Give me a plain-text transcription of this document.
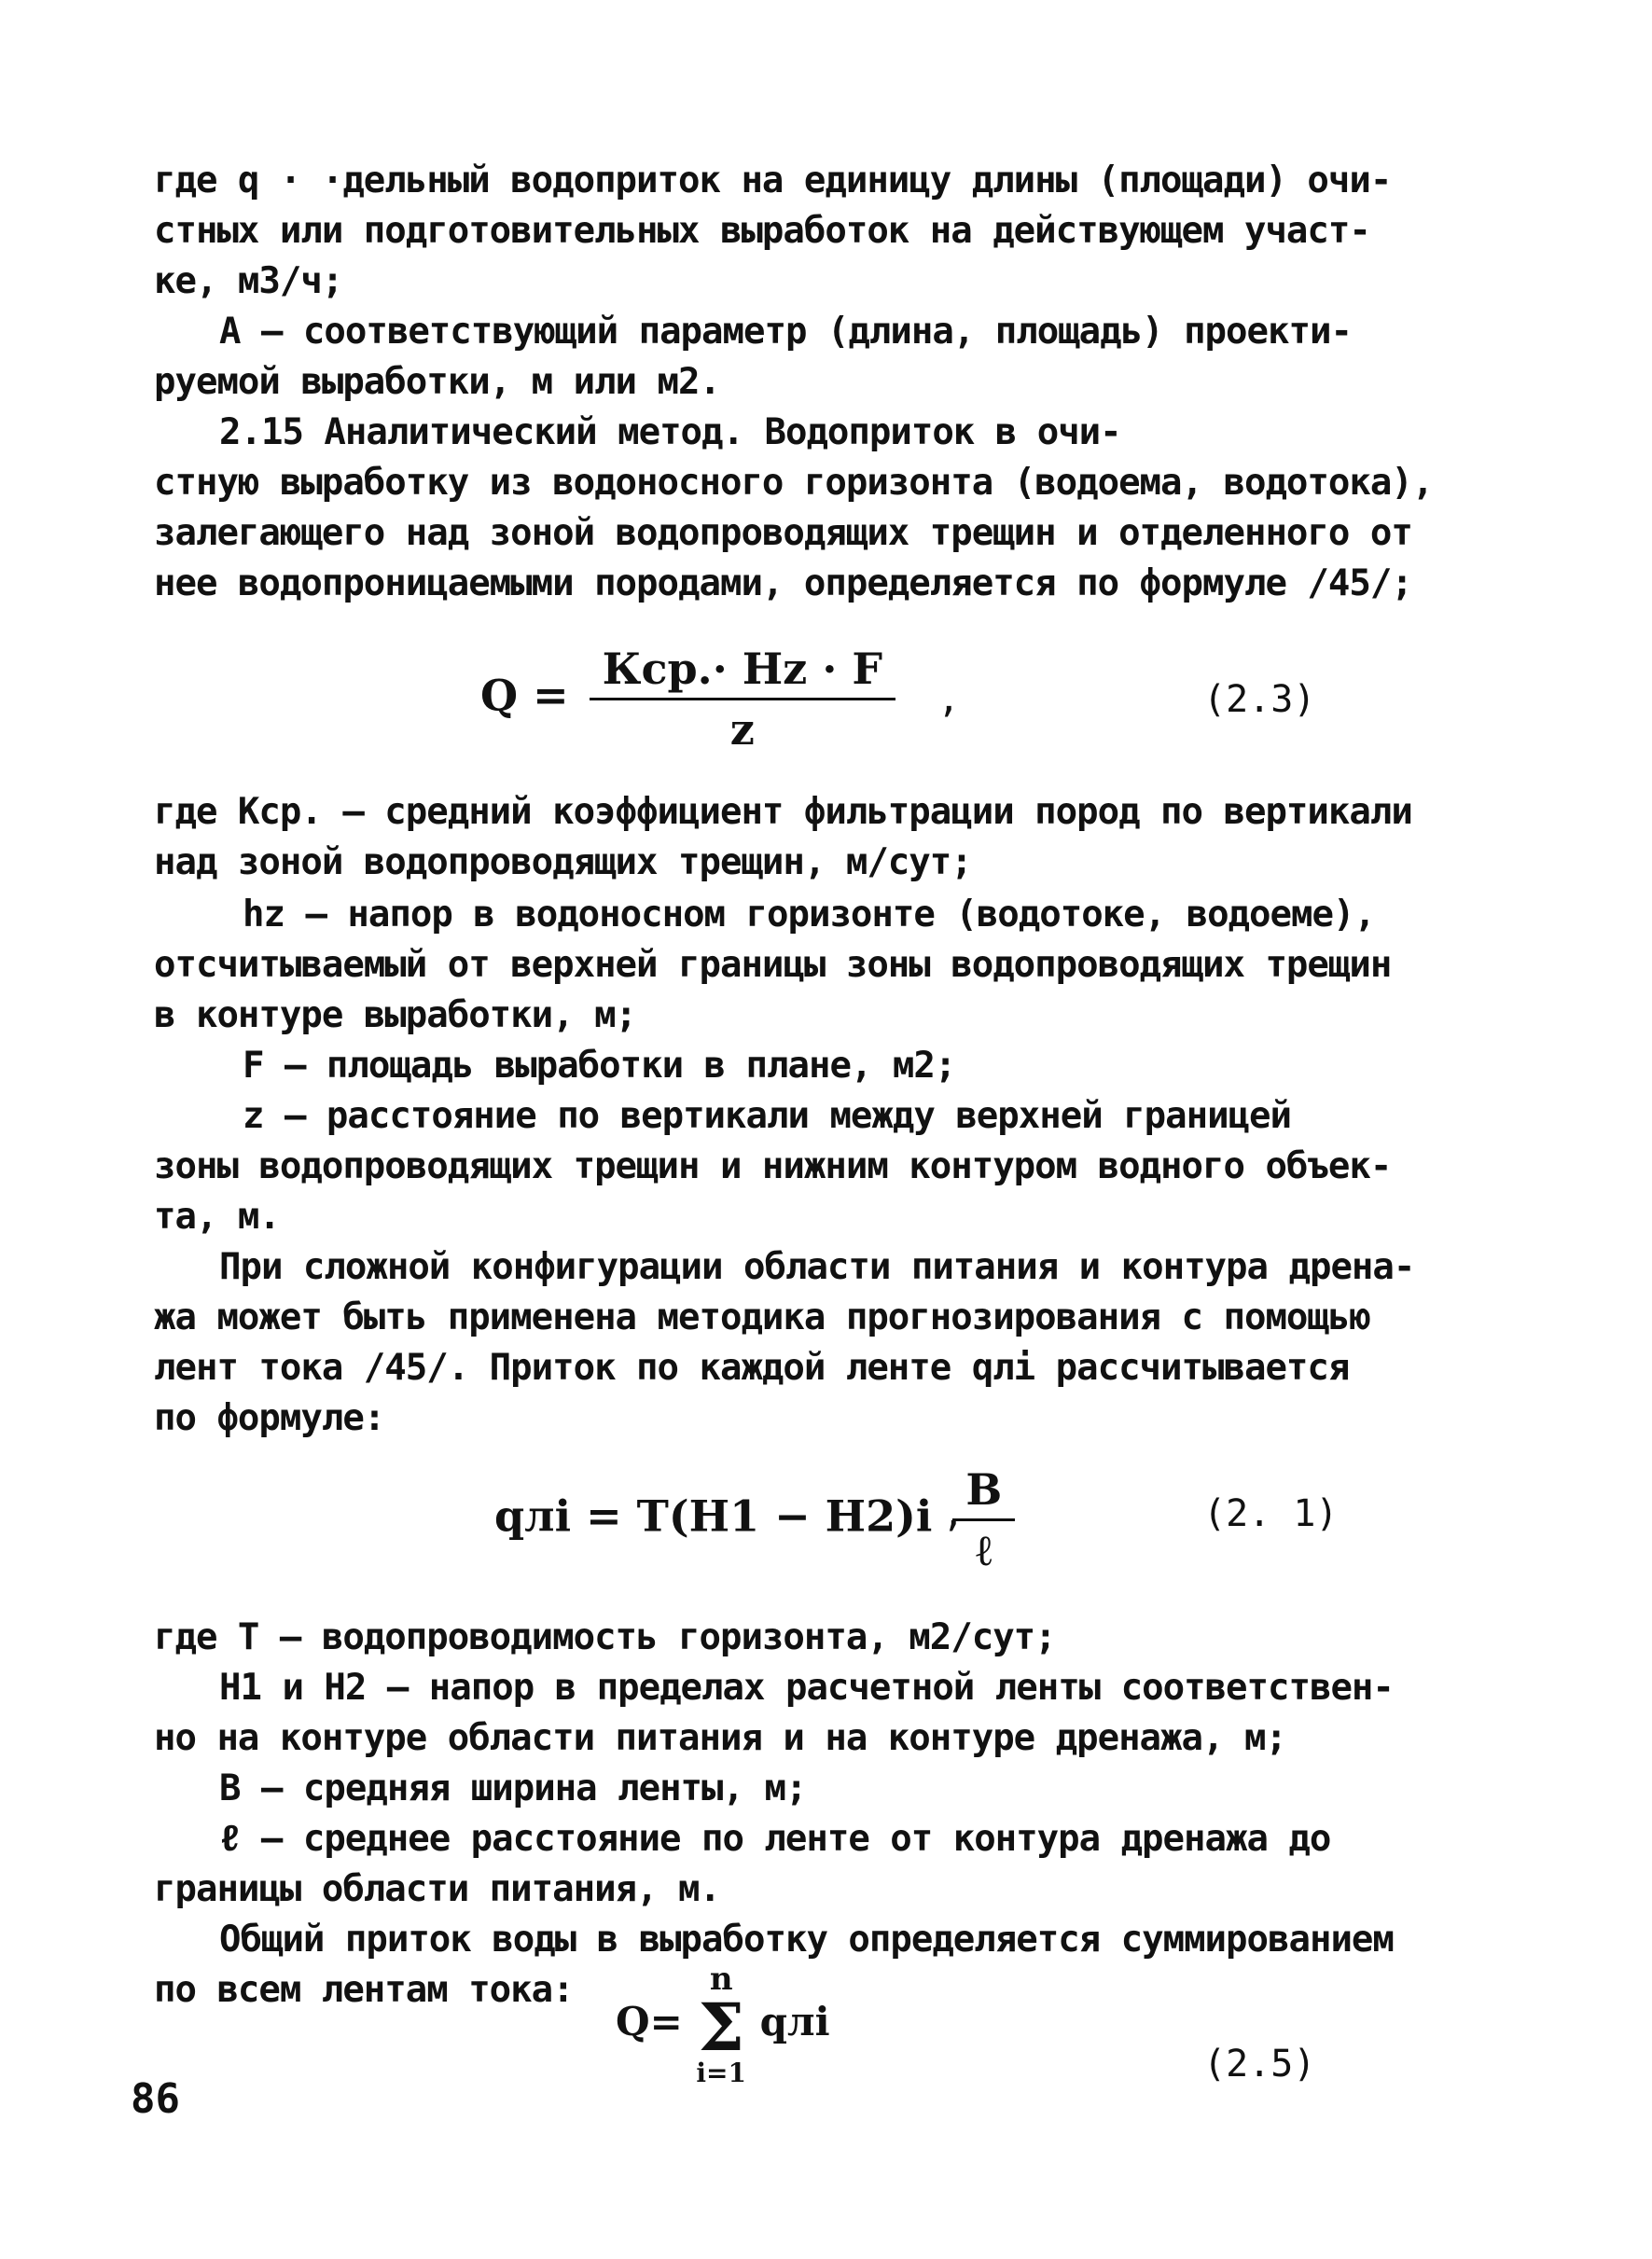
где q · ·дельный водоприток на единицу длины (площади) очи-
стных или подготовительных выработок на действующем участ-
ке, м3/ч;
А – соответствующий параметр (длина, площадь) проекти-
руемой выработки, м или м2.
2.15 Аналитический метод. Водоприток в очи-
стную выработку из водоносного горизонта (водоема, водотока),
залегающего над зоной водопроводящих трещин и отделенного от
нее водопроницаемыми породами, определяется по формуле /45/;
$Q = \frac{\text{Кср.· Hz · F}}{z}$ ,	(2.3)
где Кср. – средний коэффициент фильтрации пород по вертикали
над зоной водопроводящих трещин, м/сут;
hz – напор в водоносном горизонте (водотоке, водоеме),
отсчитываемый от верхней границы зоны водопроводящих трещин
в контуре выработки, м;
F – площадь выработки в плане, м2;
z – расстояние по вертикали между верхней границей
зоны водопроводящих трещин и нижним контуром водного объек-
та, м.
При сложной конфигурации области питания и контура дрена-
жа может быть применена методика прогнозирования с помощью
лент тока /45/. Приток по каждой ленте qлi рассчитывается
по формуле:
qлi = $T(H1 - H2)i \frac{B}{\text{ℓ}}$
,	(2. 1)
где Т – водопроводимость горизонта, м2/сут;
Н1 и Н2 – напор в пределах расчетной ленты соответствен-
но на контуре области питания и на контуре дренажа, м;
В – средняя ширина ленты, м;
ℓ – среднее расстояние по ленте от контура дренажа до
границы области питания, м.
Общий приток воды в выработку определяется суммированием
по всем лентам тока:
Q=
n
Σ
i=1
qлi
(2.5)
86
